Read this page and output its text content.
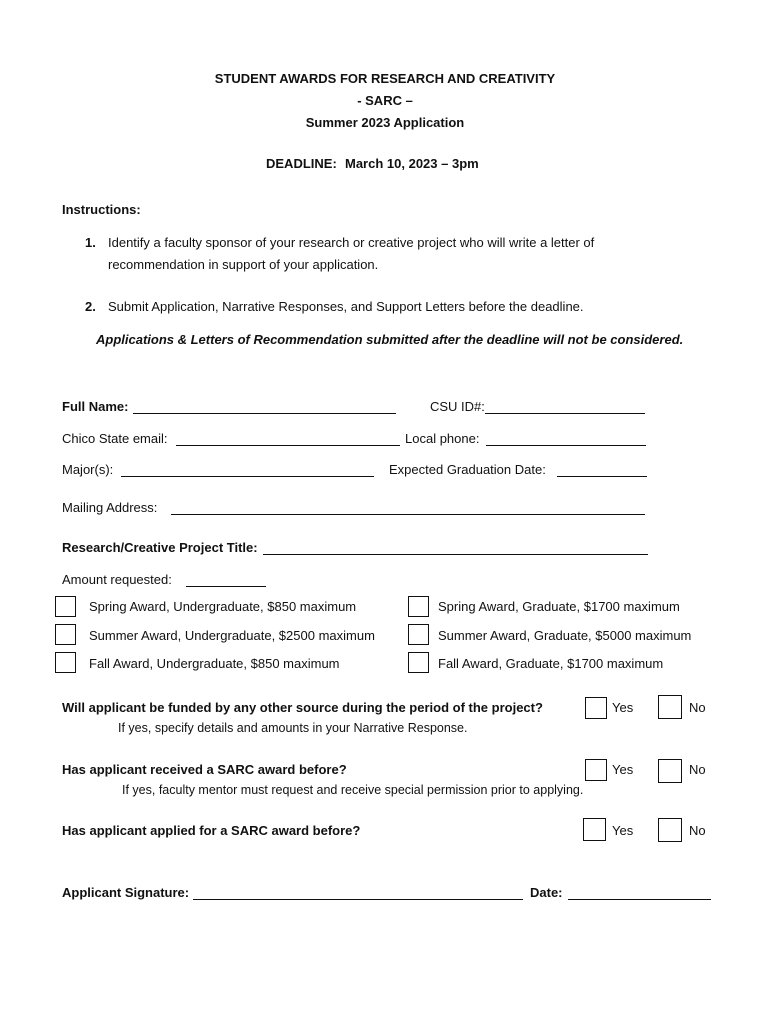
STUDENT AWARDS FOR RESEARCH AND CREATIVITY
- SARC –
Summer 2023 Application
DEADLINE: March 10, 2023 – 3pm
Instructions:
1. Identify a faculty sponsor of your research or creative project who will write a letter of
recommendation in support of your application.
2. Submit Application, Narrative Responses, and Support Letters before the deadline.
Applications & Letters of Recommendation submitted after the deadline will not be considered.
Full Name:	CSU ID#:
Chico State email:	Local phone:
Major(s):	Expected Graduation Date:
Mailing Address:
Research/Creative Project Title:
Amount requested:
Spring Award, Undergraduate, $850 maximum	Spring Award, Graduate, $1700 maximum
Summer Award, Undergraduate, $2500 maximum	Summer Award, Graduate, $5000 maximum
Fall Award, Undergraduate, $850 maximum	Fall Award, Graduate, $1700 maximum
Will applicant be funded by any other source during the period of the project?	Yes	No
If yes, specify details and amounts in your Narrative Response.
Has applicant received a SARC award before?	Yes	No
If yes, faculty mentor must request and receive special permission prior to applying.
Has applicant applied for a SARC award before?	Yes	No
Applicant Signature:	Date:
